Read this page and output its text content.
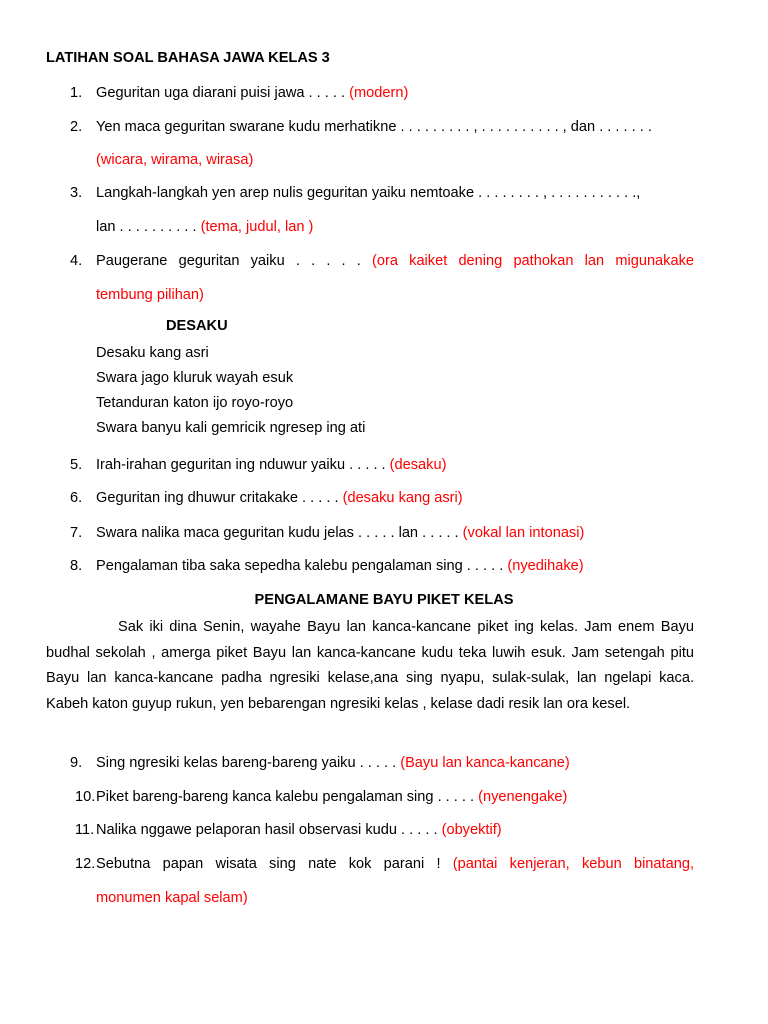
LATIHAN SOAL BAHASA JAWA KELAS 3
1. Geguritan uga diarani puisi jawa . . . . . (modern)
2. Yen maca geguritan swarane kudu merhatikne . . . . . . . . . , . . . . . . . . . . , dan . . . . . . .
(wicara, wirama, wirasa)
3. Langkah-langkah yen arep nulis geguritan yaiku nemtoake . . . . . . . . , . . . . . . . . . . .,
lan . . . . . . . . . . (tema, judul, lan )
4. Paugerane geguritan yaiku . . . . . (ora kaiket dening pathokan lan migunakake
tembung pilihan)
DESAKU
Desaku kang asri
Swara jago kluruk wayah esuk
Tetanduran katon ijo royo-royo
Swara banyu kali gemricik ngresep ing ati
5. Irah-irahan geguritan ing nduwur yaiku . . . . . (desaku)
6. Geguritan ing dhuwur critakake . . . . . (desaku kang asri)
7. Swara nalika maca geguritan kudu jelas . . . . . lan . . . . . (vokal lan intonasi)
8. Pengalaman tiba saka sepedha kalebu pengalaman sing . . . . . (nyedihake)
PENGALAMANE BAYU PIKET KELAS
Sak iki dina Senin, wayahe Bayu lan kanca-kancane piket ing kelas. Jam enem Bayu budhal sekolah , amerga piket Bayu lan kanca-kancane kudu teka luwih esuk. Jam setengah pitu Bayu lan kanca-kancane padha ngresiki kelase,ana sing nyapu, sulak-sulak, lan ngelapi kaca. Kabeh katon guyup rukun, yen bebarengan ngresiki kelas , kelase dadi resik lan ora kesel.
9. Sing ngresiki kelas bareng-bareng yaiku . . . . . (Bayu lan kanca-kancane)
10. Piket bareng-bareng kanca kalebu pengalaman sing . . . . . (nyenengake)
11. Nalika nggawe pelaporan hasil observasi kudu . . . . . (obyektif)
12. Sebutna papan wisata sing nate kok parani ! (pantai kenjeran, kebun binatang,
monumen kapal selam)
